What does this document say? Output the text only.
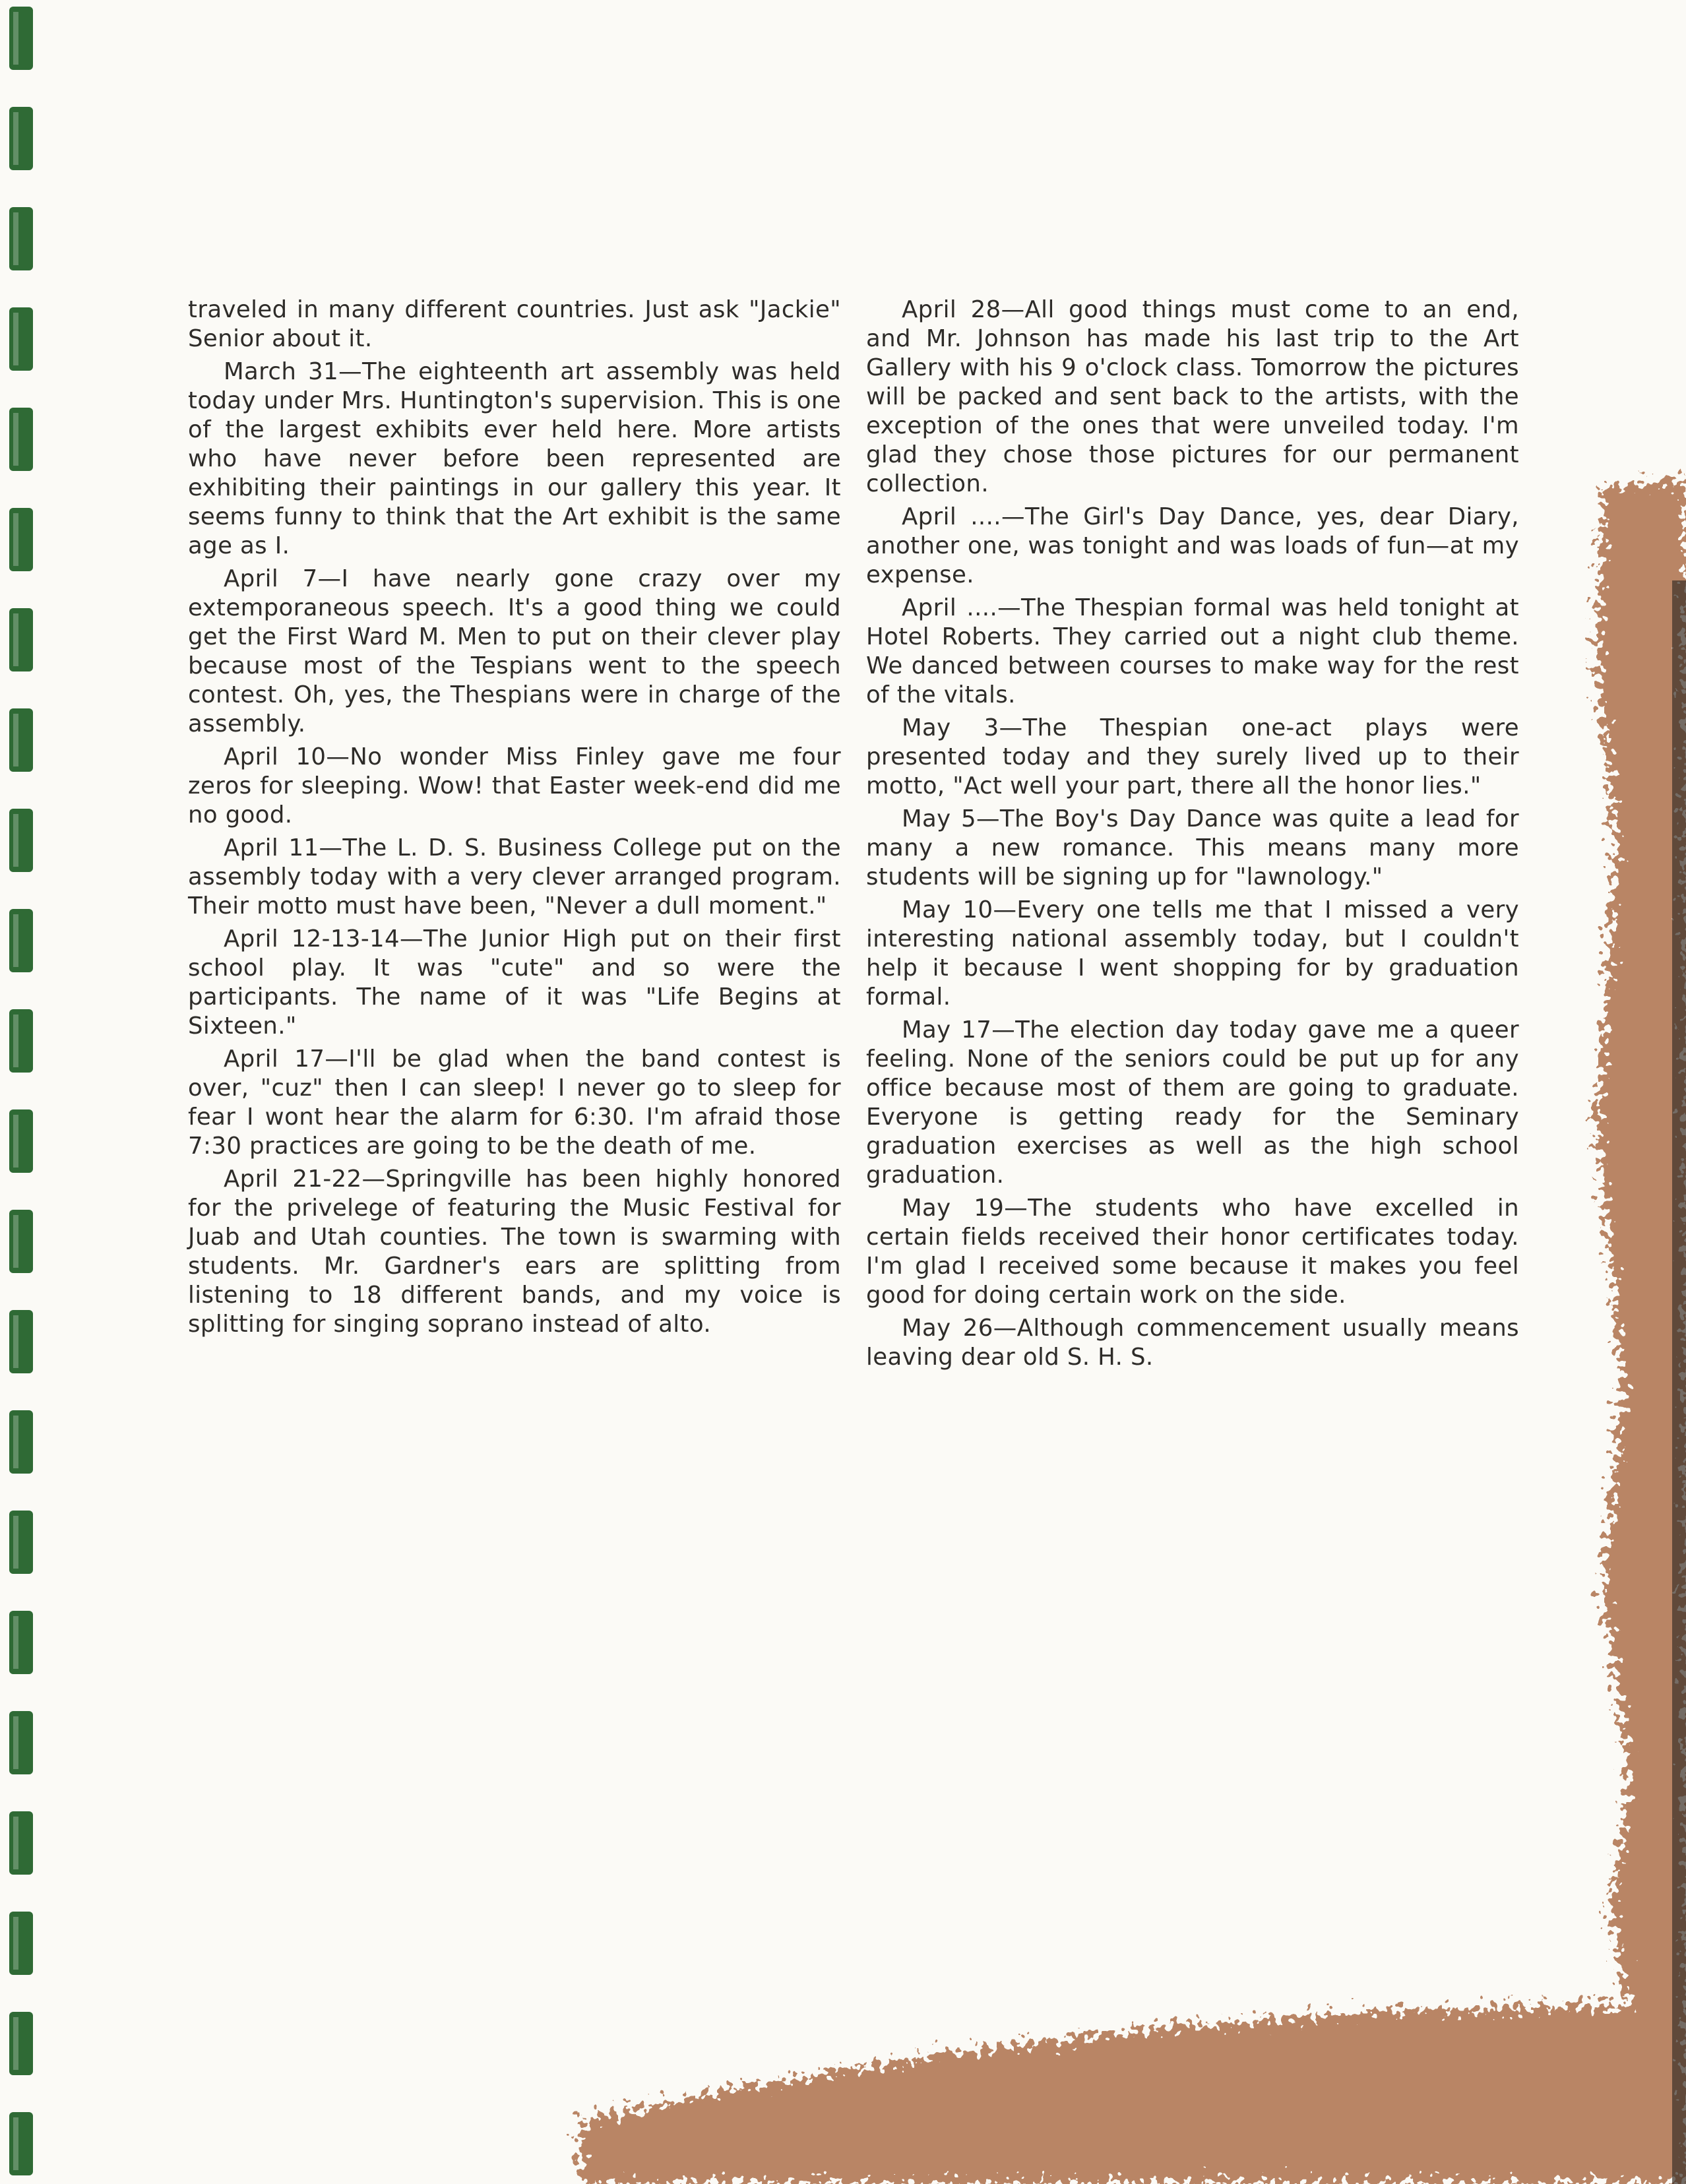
traveled in many different countries. Just ask "Jackie" Senior about it.

March 31—The eighteenth art assembly was held today under Mrs. Huntington's supervision. This is one of the largest exhibits ever held here. More artists who have never before been represented are exhibiting their paintings in our gallery this year. It seems funny to think that the Art exhibit is the same age as I.

April 7—I have nearly gone crazy over my extemporaneous speech. It's a good thing we could get the First Ward M. Men to put on their clever play because most of the Tespians went to the speech contest. Oh, yes, the Thespians were in charge of the assembly.

April 10—No wonder Miss Finley gave me four zeros for sleeping. Wow! that Easter week-end did me no good.

April 11—The L. D. S. Business College put on the assembly today with a very clever arranged program. Their motto must have been, "Never a dull moment."

April 12-13-14—The Junior High put on their first school play. It was "cute" and so were the participants. The name of it was "Life Begins at Sixteen."

April 17—I'll be glad when the band contest is over, "cuz" then I can sleep! I never go to sleep for fear I wont hear the alarm for 6:30. I'm afraid those 7:30 practices are going to be the death of me.

April 21-22—Springville has been highly honored for the privelege of featuring the Music Festival for Juab and Utah counties. The town is swarming with students. Mr. Gardner's ears are splitting from listening to 18 different bands, and my voice is splitting for singing soprano instead of alto.

April 28—All good things must come to an end, and Mr. Johnson has made his last trip to the Art Gallery with his 9 o'clock class. Tomorrow the pictures will be packed and sent back to the artists, with the exception of the ones that were unveiled today. I'm glad they chose those pictures for our permanent collection.

April ....—The Girl's Day Dance, yes, dear Diary, another one, was tonight and was loads of fun—at my expense.

April ....—The Thespian formal was held tonight at Hotel Roberts. They carried out a night club theme. We danced between courses to make way for the rest of the vitals.

May 3—The Thespian one-act plays were presented today and they surely lived up to their motto, "Act well your part, there all the honor lies."

May 5—The Boy's Day Dance was quite a lead for many a new romance. This means many more students will be signing up for "lawnology."

May 10—Every one tells me that I missed a very interesting national assembly today, but I couldn't help it because I went shopping for by graduation formal.

May 17—The election day today gave me a queer feeling. None of the seniors could be put up for any office because most of them are going to graduate. Everyone is getting ready for the Seminary graduation exercises as well as the high school graduation.

May 19—The students who have excelled in certain fields received their honor certificates today. I'm glad I received some because it makes you feel good for doing certain work on the side.

May 26—Although commencement usually means leaving dear old S. H. S.
